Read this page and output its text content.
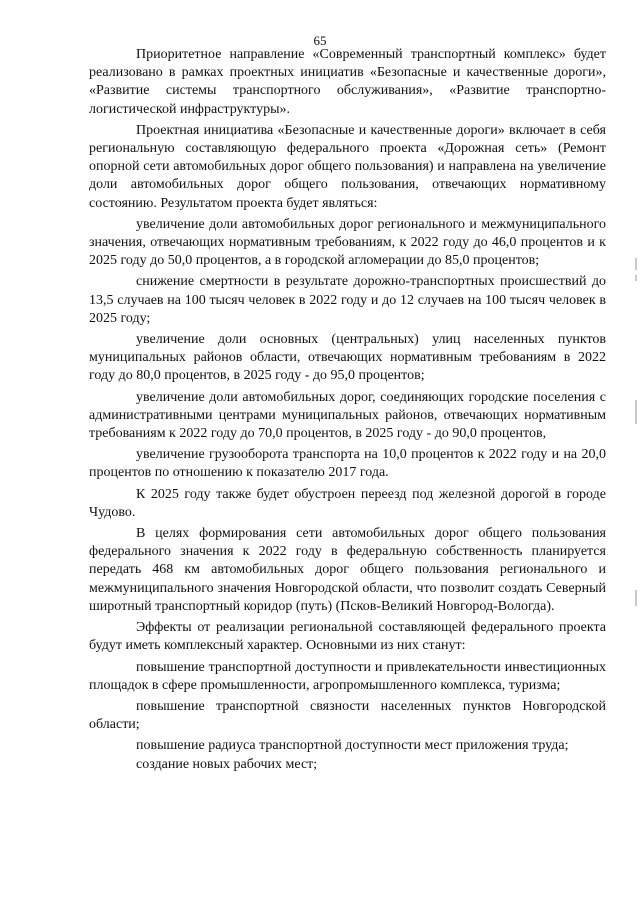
65

Приоритетное направление «Современный транспортный комплекс» будет реализовано в рамках проектных инициатив «Безопасные и качественные дороги», «Развитие системы транспортного обслуживания», «Развитие транспортно-логистической инфраструктуры».

Проектная инициатива «Безопасные и качественные дороги» включает в себя региональную составляющую федерального проекта «Дорожная сеть» (Ремонт опорной сети автомобильных дорог общего пользования) и направлена на увеличение доли автомобильных дорог общего пользования, отвечающих нормативному состоянию. Результатом проекта будет являться:

увеличение доли автомобильных дорог регионального и межмуниципального значения, отвечающих нормативным требованиям, к 2022 году до 46,0 процентов и к 2025 году до 50,0 процентов, а в городской агломерации до 85,0 процентов;

снижение смертности в результате дорожно-транспортных происшествий до 13,5 случаев на 100 тысяч человек в 2022 году и до 12 случаев на 100 тысяч человек в 2025 году;

увеличение доли основных (центральных) улиц населенных пунктов муниципальных районов области, отвечающих нормативным требованиям в 2022 году до 80,0 процентов, в 2025 году - до 95,0 процентов;

увеличение доли автомобильных дорог, соединяющих городские поселения с административными центрами муниципальных районов, отвечающих нормативным требованиям к 2022 году до 70,0 процентов, в 2025 году - до 90,0 процентов,

увеличение грузооборота транспорта на 10,0 процентов к 2022 году и на 20,0 процентов по отношению к показателю 2017 года.

К 2025 году также будет обустроен переезд под железной дорогой в городе Чудово.

В целях формирования сети автомобильных дорог общего пользования федерального значения к 2022 году в федеральную собственность планируется передать 468 км автомобильных дорог общего пользования регионального и межмуниципального значения Новгородской области, что позволит создать Северный широтный транспортный коридор (путь) (Псков-Великий Новгород-Вологда).

Эффекты от реализации региональной составляющей федерального проекта будут иметь комплексный характер. Основными из них станут:

повышение транспортной доступности и привлекательности инвестиционных площадок в сфере промышленности, агропромышленного комплекса, туризма;

повышение транспортной связности населенных пунктов Новгородской области;

повышение радиуса транспортной доступности мест приложения труда;

создание новых рабочих мест;
